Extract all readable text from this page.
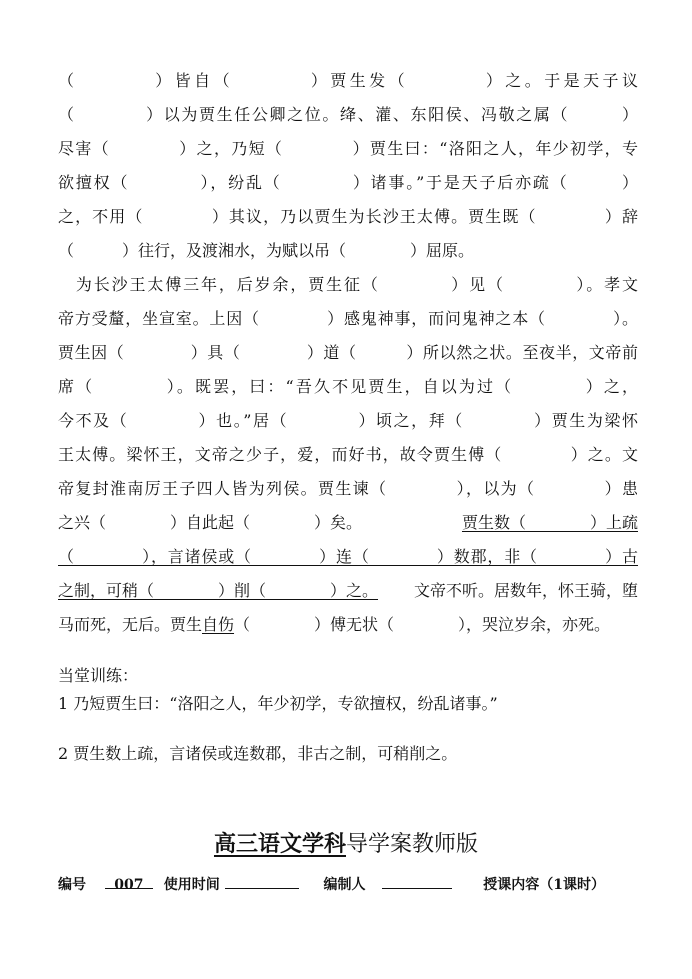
（　　　　）皆自（　　　　）贾生发（　　　　）之。于是天子议
（　　　　）以为贾生任公卿之位。绛、灌、东阳侯、冯敬之属（　　　）
尽害（　　　　）之，乃短（　　　　）贾生曰：“洛阳之人，年少初学，专
欲擅权（　　　　），纷乱（　　　　）诸事。”于是天子后亦疏（　　　）
之，不用（　　　　）其议，乃以贾生为长沙王太傅。贾生既（　　　　）辞
（　　　）往行，及渡湘水，为赋以吊（　　　　）屈原。
　为长沙王太傅三年，后岁余，贾生征（　　　　）见（　　　　）。孝文
帝方受釐，坐宣室。上因（　　　　）感鬼神事，而问鬼神之本（　　　　）。
贾生因（　　　　）具（　　　　）道（　　　）所以然之状。至夜半，文帝前
席（　　　　）。既罢，曰：“吾久不见贾生，自以为过（　　　　）之，
今不及（　　　　）也。”居（　　　　）顷之，拜（　　　　）贾生为梁怀
王太傅。梁怀王，文帝之少子，爱，而好书，故令贾生傅（　　　　）之。文
帝复封淮南厉王子四人皆为列侯。贾生谏（　　　　），以为（　　　　）患
之兴（　　　　）自此起（　　　　）矣。	贾生数（　　　　）上疏
（　　　　），言诸侯或（　　　　）连（　　　　）数郡，非（　　　　）古
之制，可稍（　　　　）削（　　　　）之。 文帝不听。居数年，怀王骑，堕
马而死，无后。贾生自伤（　　　　）傅无状（　　　　），哭泣岁余，亦死。
当堂训练：
1 乃短贾生曰：“洛阳之人，年少初学，专欲擅权，纷乱诸事。”
2 贾生数上疏，言诸侯或连数郡，非古之制，可稍削之。
高三语文学科导学案教师版
编号 007 使用时间	编制人	授课内容（1课时）
